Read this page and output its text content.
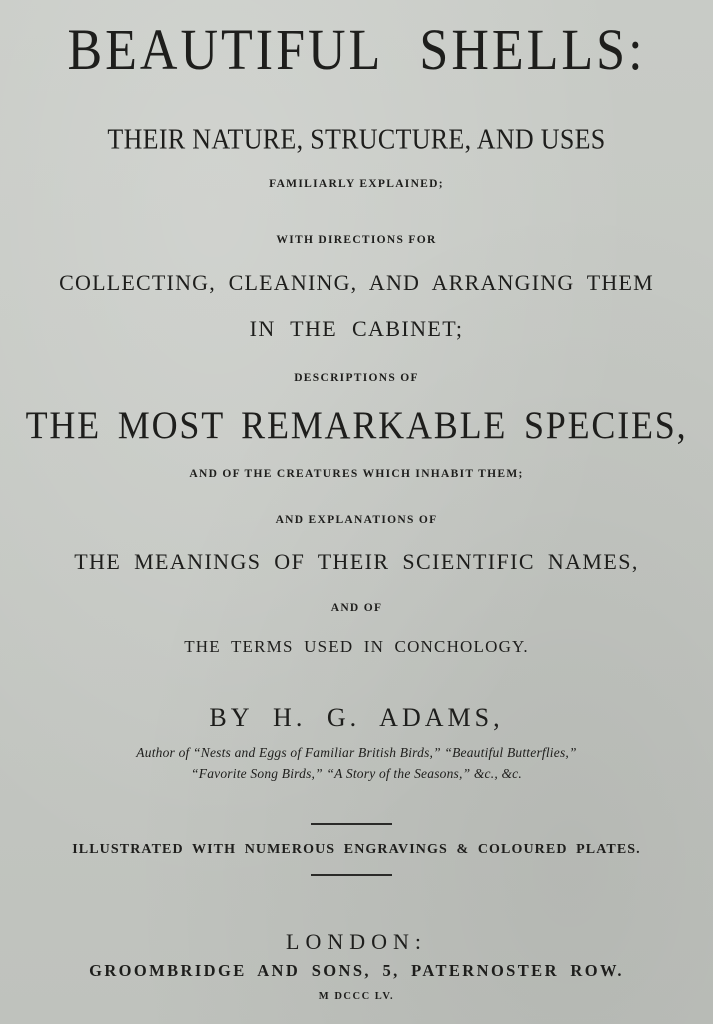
BEAUTIFUL SHELLS:
THEIR NATURE, STRUCTURE, AND USES
FAMILIARLY EXPLAINED;
WITH DIRECTIONS FOR
COLLECTING, CLEANING, AND ARRANGING THEM
IN THE CABINET;
DESCRIPTIONS OF
THE MOST REMARKABLE SPECIES,
AND OF THE CREATURES WHICH INHABIT THEM;
AND EXPLANATIONS OF
THE MEANINGS OF THEIR SCIENTIFIC NAMES,
AND OF
THE TERMS USED IN CONCHOLOGY.
BY H. G. ADAMS,
Author of “Nests and Eggs of Familiar British Birds,” “Beautiful Butterflies,”
“Favorite Song Birds,” “A Story of the Seasons,” &c., &c.
ILLUSTRATED WITH NUMEROUS ENGRAVINGS & COLOURED PLATES.
LONDON:
GROOMBRIDGE AND SONS, 5, PATERNOSTER ROW.
M DCCC LV.
